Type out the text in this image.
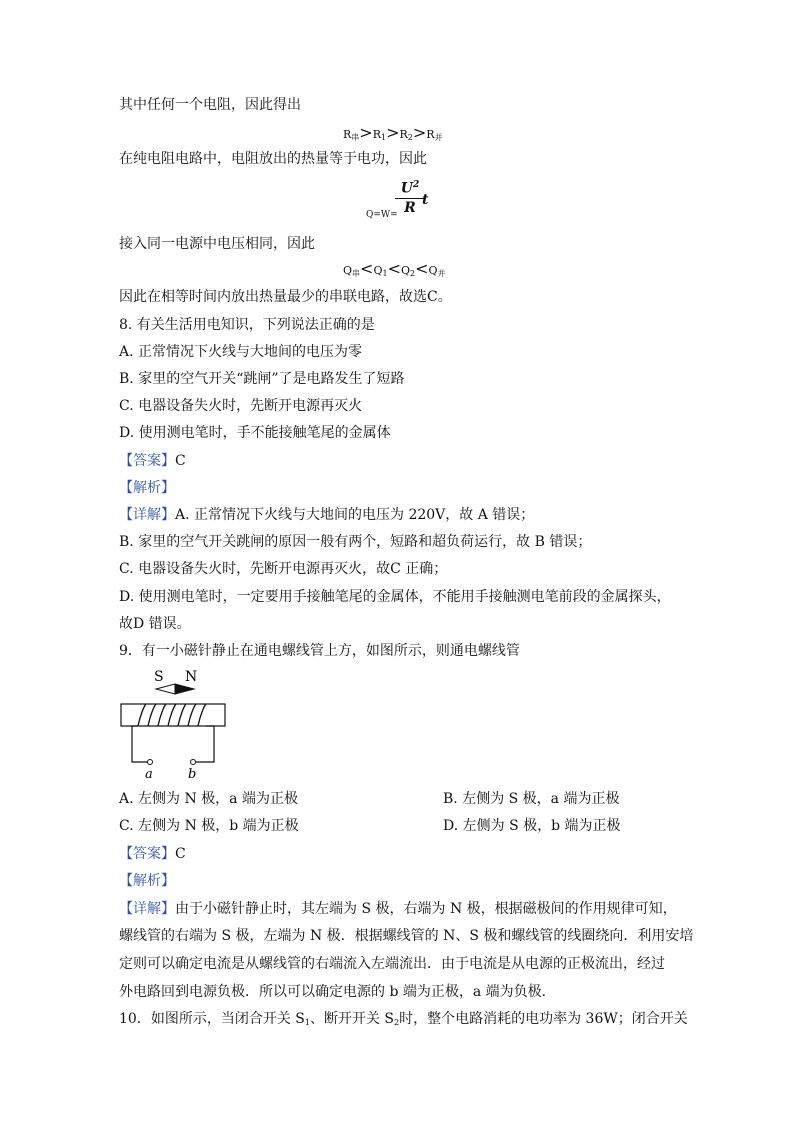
其中任何一个电阻，因此得出
$R_串>R_1>R_2>R_并$
在纯电阻电路中，电阻放出的热量等于电功，因此
Q=W=
$\frac{U^2}{R}$
t
接入同一电源中电压相同，因此
$Q_串<Q_1<Q_2<Q_并$
因此在相等时间内放出热量最少的串联电路，故选C。
8. 有关生活用电知识，下列说法正确的是
A. 正常情况下火线与大地间的电压为零
B. 家里的空气开关“跳闸”了是电路发生了短路
C. 电器设备失火时，先断开电源再灭火
D. 使用测电笔时，手不能接触笔尾的金属体
【答案】C
【解析】
【详解】A. 正常情况下火线与大地间的电压为 220V，故 A 错误；
B. 家里的空气开关跳闸的原因一般有两个，短路和超负荷运行，故 B 错误；
C. 电器设备失火时，先断开电源再灭火，故C 正确；
D. 使用测电笔时，一定要用手接触笔尾的金属体，不能用手接触测电笔前段的金属探头，
故D 错误。
9．有一小磁针静止在通电螺线管上方，如图所示，则通电螺线管
S N
a	b
A. 左侧为 N 极，a 端为正极	B. 左侧为 S 极，a 端为正极
C. 左侧为 N 极，b 端为正极	D. 左侧为 S 极，b 端为正极
【答案】C
【解析】
【详解】由于小磁针静止时，其左端为 S 极，右端为 N 极，根据磁极间的作用规律可知，
螺线管的右端为 S 极，左端为 N 极．根据螺线管的 N、S 极和螺线管的线圈绕向．利用安培
定则可以确定电流是从螺线管的右端流入左端流出．由于电流是从电源的正极流出，经过
外电路回到电源负极．所以可以确定电源的 b 端为正极，a 端为负极．
10．如图所示，当闭合开关 $S_1$、断开开关 $S_2$时，整个电路消耗的电功率为 36W；闭合开关
